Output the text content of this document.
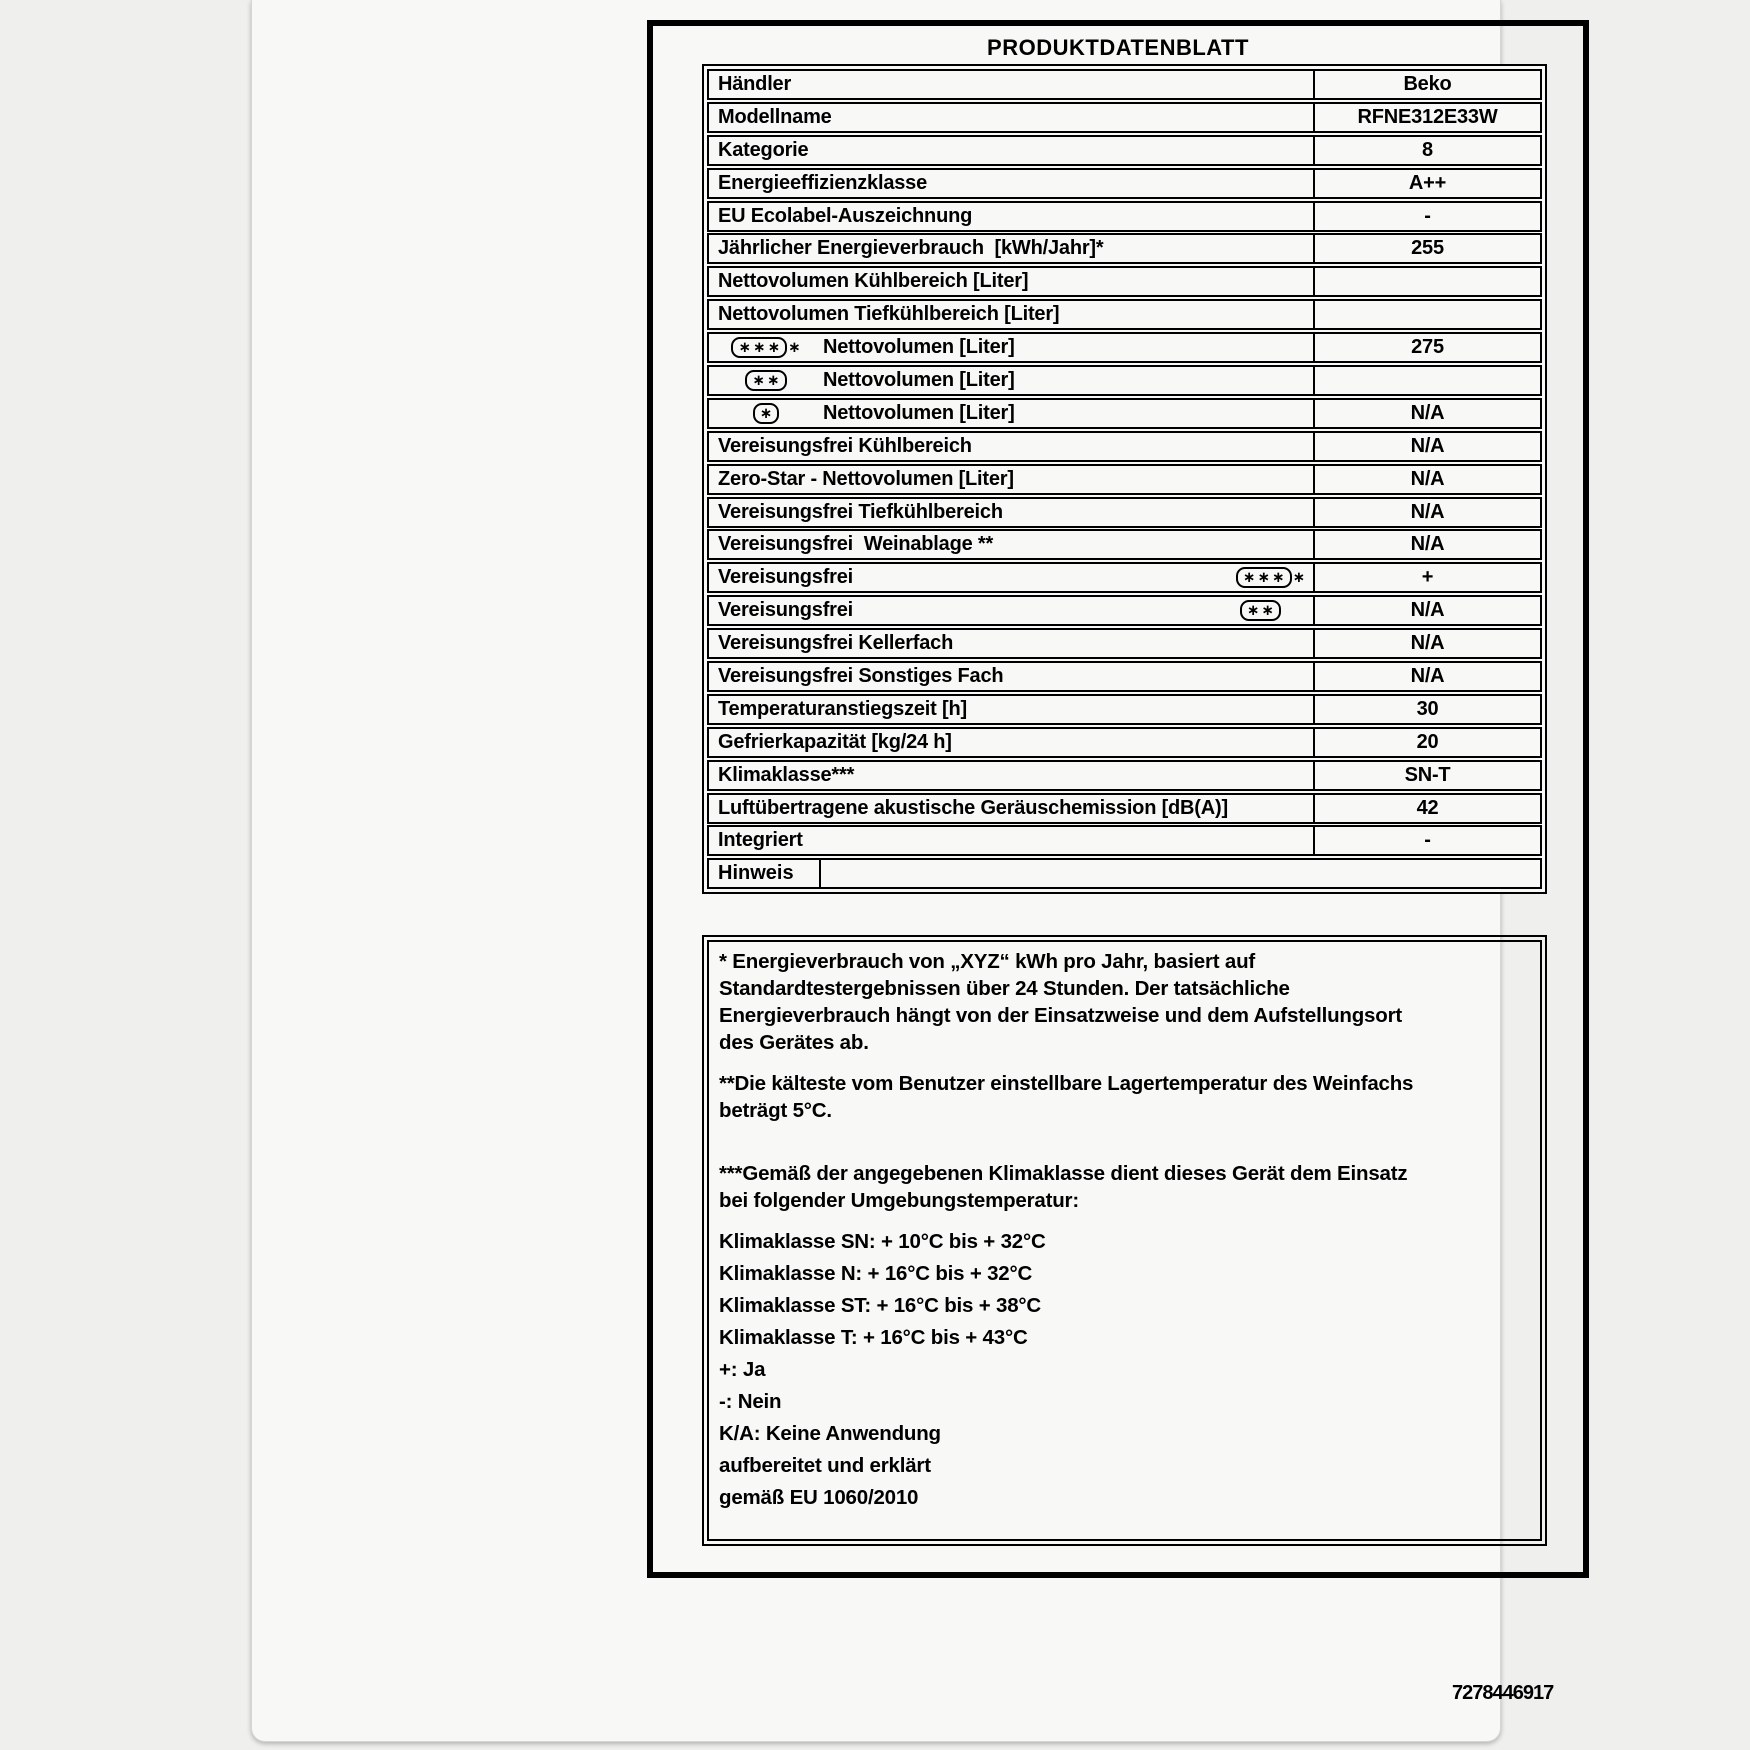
PRODUKTDATENBLATT
Händler	Beko
Modellname	RFNE312E33W
Kategorie	8
Energieeffizienzklasse	A++
EU Ecolabel-Auszeichnung	-
Jährlicher Energieverbrauch  [kWh/Jahr]*	255
Nettovolumen Kühlbereich [Liter]
Nettovolumen Tiefkühlbereich [Liter]
∗∗∗ ∗ Nettovolumen [Liter]	275
∗∗ Nettovolumen [Liter]
∗ Nettovolumen [Liter]	N/A
Vereisungsfrei Kühlbereich	N/A
Zero-Star - Nettovolumen [Liter]	N/A
Vereisungsfrei Tiefkühlbereich	N/A
Vereisungsfrei  Weinablage **	N/A
Vereisungsfrei	∗∗∗ ∗	+
Vereisungsfrei	∗∗	N/A
Vereisungsfrei Kellerfach	N/A
Vereisungsfrei Sonstiges Fach	N/A
Temperaturanstiegszeit [h]	30
Gefrierkapazität [kg/24 h]	20
Klimaklasse***	SN-T
Luftübertragene akustische Geräuschemission [dB(A)]	42
Integriert	-
Hinweis

* Energieverbrauch von „XYZ“ kWh pro Jahr, basiert auf Standardtestergebnissen über 24 Stunden. Der tatsächliche Energieverbrauch hängt von der Einsatzweise und dem Aufstellungsort des Gerätes ab.

**Die kälteste vom Benutzer einstellbare Lagertemperatur des Weinfachs beträgt 5°C.

***Gemäß der angegebenen Klimaklasse dient dieses Gerät dem Einsatz bei folgender Umgebungstemperatur:

Klimaklasse SN: + 10°C bis + 32°C
Klimaklasse N: + 16°C bis + 32°C
Klimaklasse ST: + 16°C bis + 38°C
Klimaklasse T: + 16°C bis + 43°C
+: Ja
-: Nein
K/A: Keine Anwendung
aufbereitet und erklärt
gemäß EU 1060/2010
7278446917
